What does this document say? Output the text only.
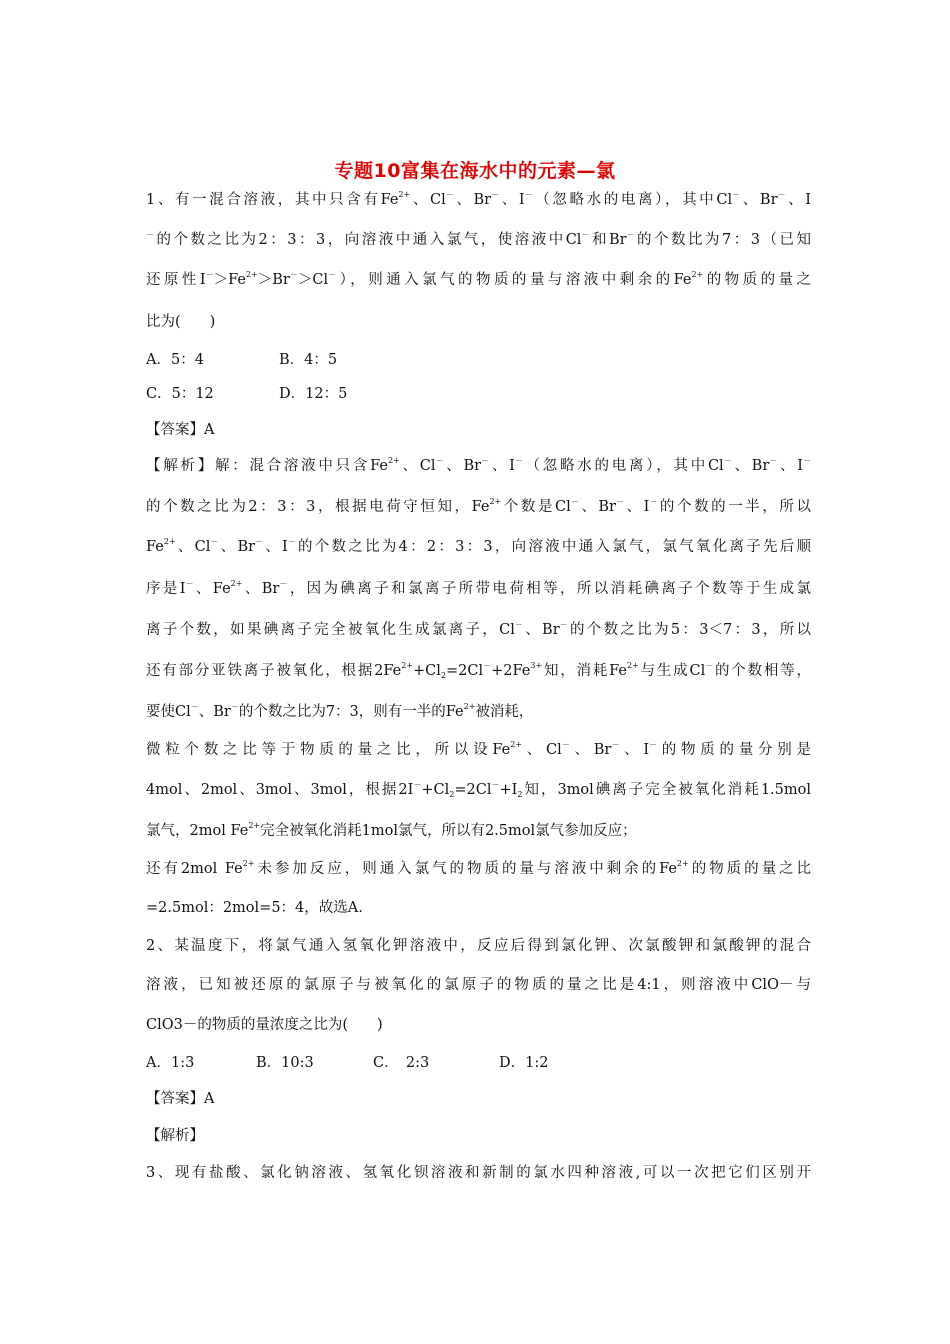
专题10富集在海水中的元素—氯
1、有一混合溶液，其中只含有$Fe^{2+}$、Cl－、Br－、I－（忽略水的电离），其中Cl－、Br－、I
－的个数之比为2：3：3，向溶液中通入氯气，使溶液中Cl－和Br－的个数比为7：3（已知
还原性$I^->Fe^{2+}>Br^->Cl^-$），则通入氯气的物质的量与溶液中剩余的$Fe^{2+}$的物质的量之
比为(　　)
A．5：4	B．4：5
C．5：12	D．12：5
【答案】A
【解析】解：混合溶液中只含$Fe^{2+}$、Cl－、Br－、I－（忽略水的电离），其中Cl－、Br－、I－
的个数之比为2：3：3，根据电荷守恒知，$Fe^{2+}$个数是Cl－、Br－、I－的个数的一半，所以
$Fe^{2+}$、Cl－、Br－、I－的个数之比为4：2：3：3，向溶液中通入氯气，氯气氧化离子先后顺
序是I－、$Fe^{2+}$、Br－，因为碘离子和氯离子所带电荷相等，所以消耗碘离子个数等于生成氯
离子个数，如果碘离子完全被氧化生成氯离子，Cl－、Br－的个数之比为5：3＜7：3，所以
还有部分亚铁离子被氧化，根据$2Fe^{2+}+Cl_2=2Cl^-+2Fe^{3+}$知，消耗$Fe^{2+}$与生成Cl－的个数相等，
要使Cl－、Br－的个数之比为7：3，则有一半的$Fe^{2+}$被消耗，
微粒个数之比等于物质的量之比，所以设$Fe^{2+}$、Cl－、Br－、I－的物质的量分别是
4mol、2mol、3mol、3mol，根据$2I^-+Cl_2=2Cl^-+I_2$知，3mol碘离子完全被氧化消耗1.5mol
氯气，2mol $Fe^{2+}$完全被氧化消耗1mol氯气，所以有2.5mol氯气参加反应；
还有2mol $Fe^{2+}$未参加反应，则通入氯气的物质的量与溶液中剩余的$Fe^{2+}$的物质的量之比
=2.5mol：2mol=5：4，故选A.
2、某温度下，将氯气通入氢氧化钾溶液中，反应后得到氯化钾、次氯酸钾和氯酸钾的混合
溶液，已知被还原的氯原子与被氧化的氯原子的物质的量之比是4:1，则溶液中ClO－与
ClO3－的物质的量浓度之比为(　　)
A．1:3	B．10:3	C．　2:3	D．1:2
【答案】A
【解析】
3、现有盐酸、氯化钠溶液、氢氧化钡溶液和新制的氯水四种溶液,可以一次把它们区别开
